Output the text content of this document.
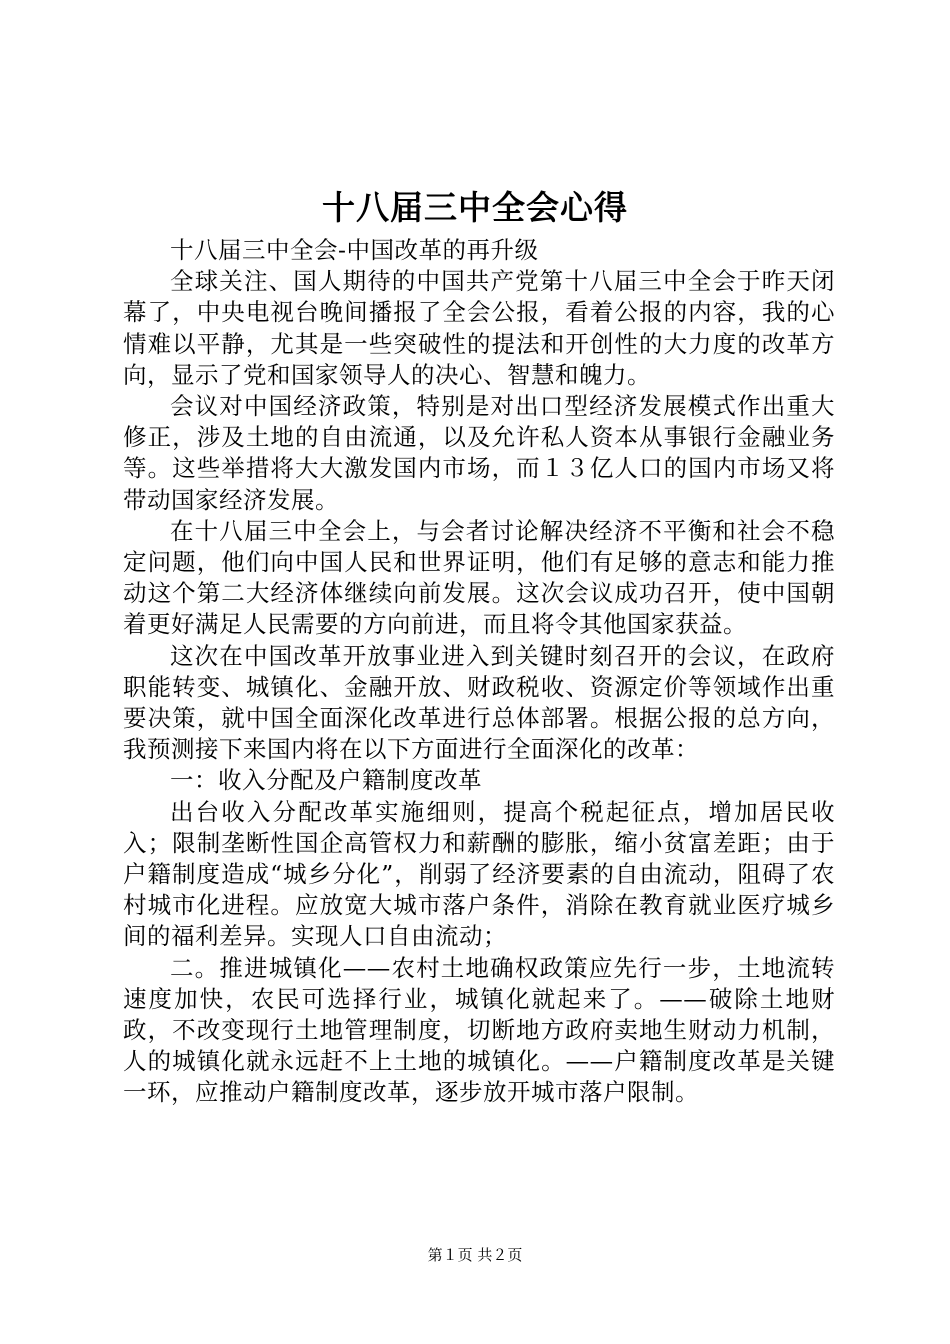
十八届三中全会心得

十八届三中全会-中国改革的再升级

全球关注、国人期待的中国共产党第十八届三中全会于昨天闭幕了，中央电视台晚间播报了全会公报，看着公报的内容，我的心情难以平静，尤其是一些突破性的提法和开创性的大力度的改革方向，显示了党和国家领导人的决心、智慧和魄力。

会议对中国经济政策，特别是对出口型经济发展模式作出重大修正，涉及土地的自由流通，以及允许私人资本从事银行金融业务等。这些举措将大大激发国内市场，而１３亿人口的国内市场又将带动国家经济发展。

在十八届三中全会上，与会者讨论解决经济不平衡和社会不稳定问题，他们向中国人民和世界证明，他们有足够的意志和能力推动这个第二大经济体继续向前发展。这次会议成功召开，使中国朝着更好满足人民需要的方向前进，而且将令其他国家获益。

这次在中国改革开放事业进入到关键时刻召开的会议，在政府职能转变、城镇化、金融开放、财政税收、资源定价等领域作出重要决策，就中国全面深化改革进行总体部署。根据公报的总方向，我预测接下来国内将在以下方面进行全面深化的改革：

一：收入分配及户籍制度改革

出台收入分配改革实施细则，提高个税起征点，增加居民收入；限制垄断性国企高管权力和薪酬的膨胀，缩小贫富差距；由于户籍制度造成“城乡分化”，削弱了经济要素的自由流动，阻碍了农村城市化进程。应放宽大城市落户条件，消除在教育就业医疗城乡间的福利差异。实现人口自由流动；

二。推进城镇化——农村土地确权政策应先行一步，土地流转速度加快，农民可选择行业，城镇化就起来了。——破除土地财政，不改变现行土地管理制度，切断地方政府卖地生财动力机制，人的城镇化就永远赶不上土地的城镇化。——户籍制度改革是关键一环，应推动户籍制度改革，逐步放开城市落户限制。

第１页 共２页
